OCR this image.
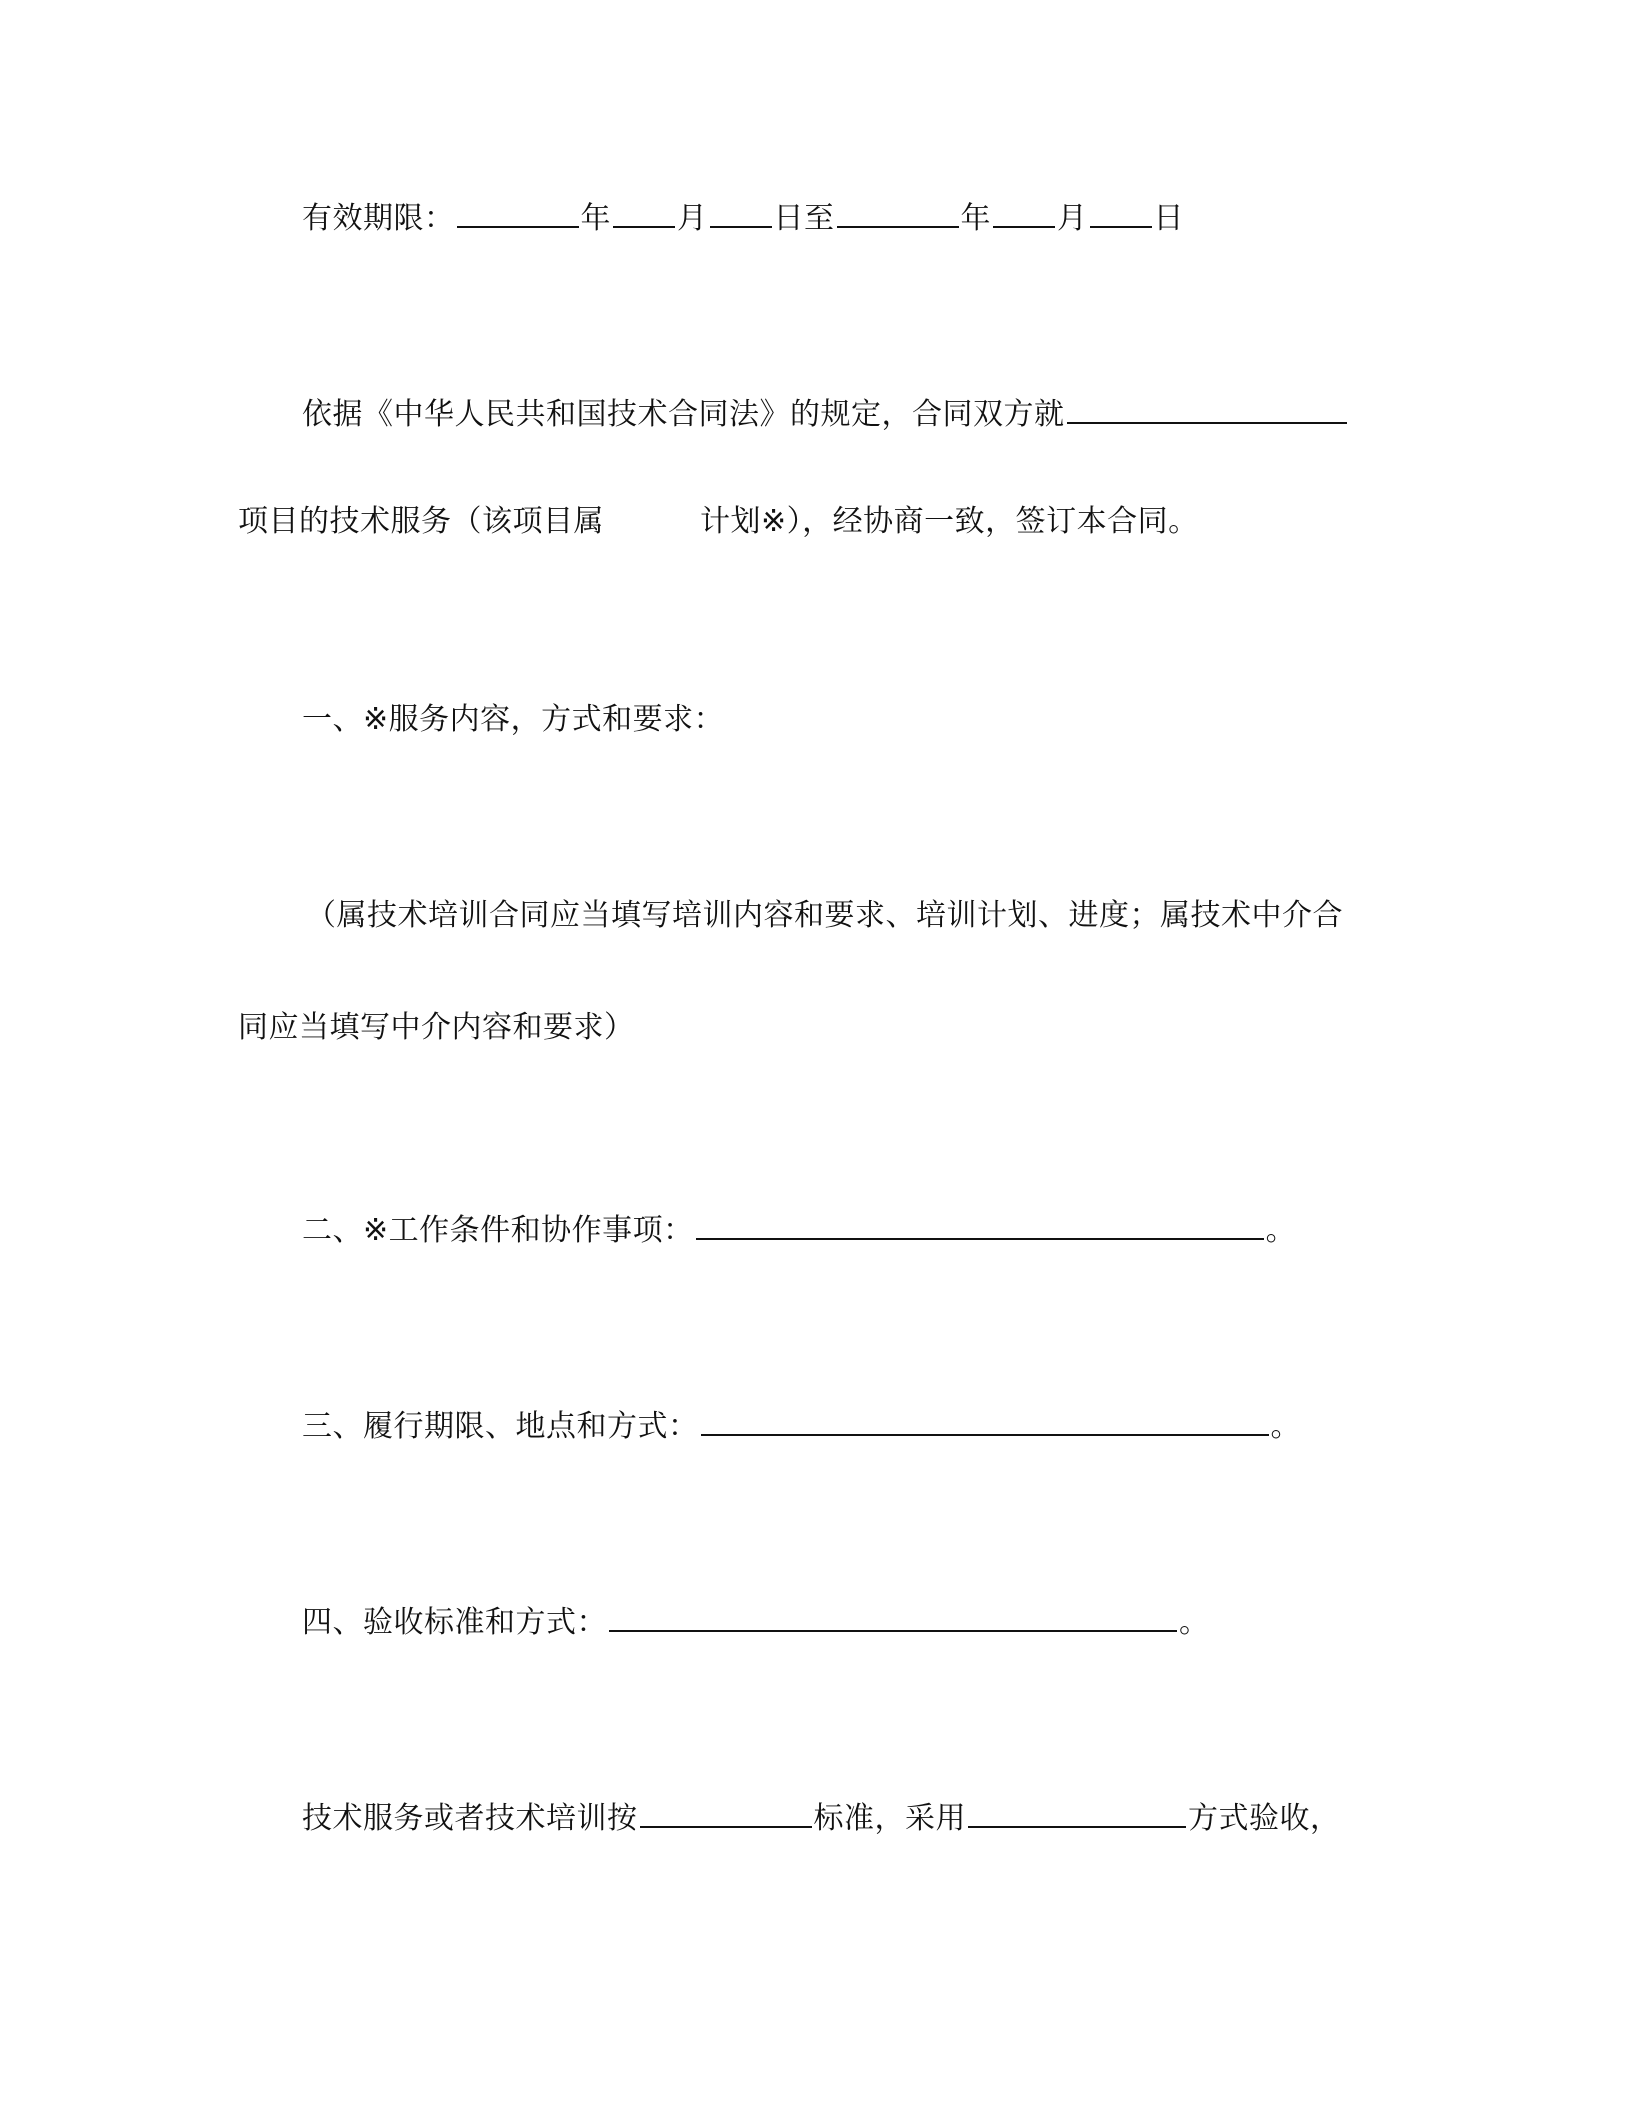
有效期限：	年 月 日至	年 月 日
依据《中华人民共和国技术合同法》的规定，合同双方就
项目的技术服务（该项目属	计划※），经协商一致，签订本合同。
一、※服务内容，方式和要求：
（属技术培训合同应当填写培训内容和要求、培训计划、进度；属技术中介合
同应当填写中介内容和要求）
二、※工作条件和协作事项：	。
三、履行期限、地点和方式：	。
四、验收标准和方式：	。
技术服务或者技术培训按	标准，采用	方式验收，
